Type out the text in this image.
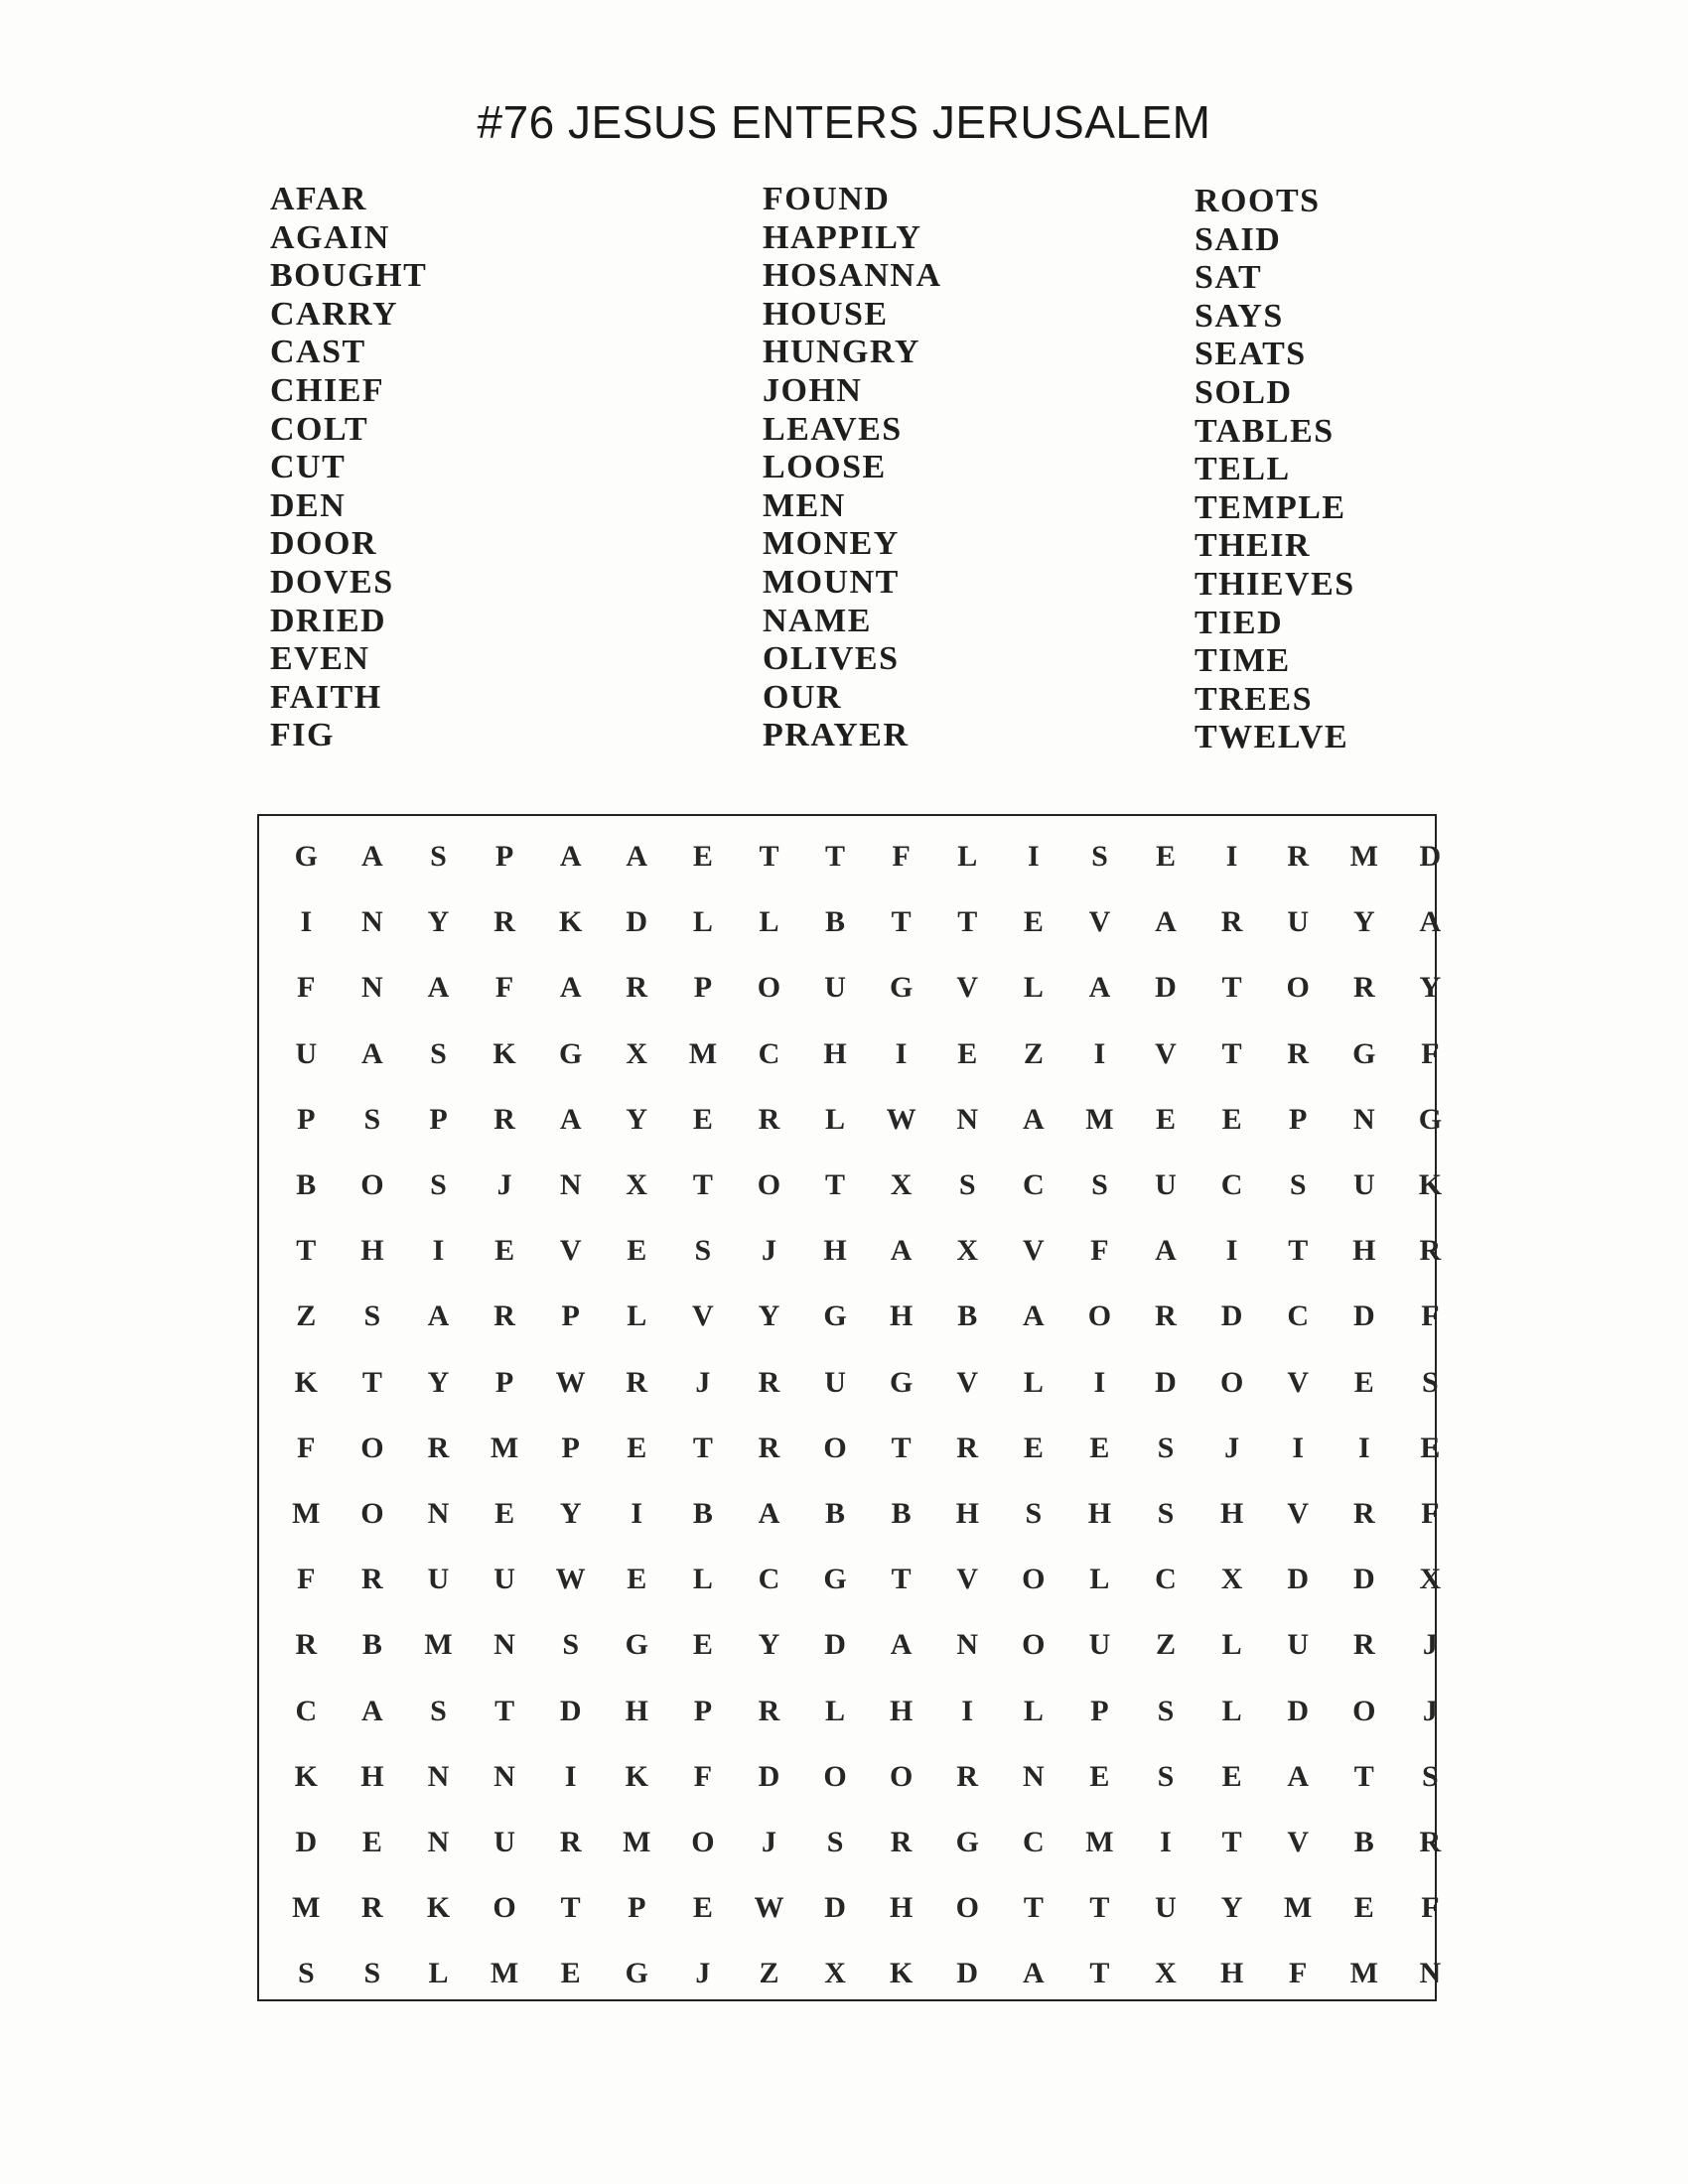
#76 JESUS ENTERS JERUSALEM
AFAR
AGAIN
BOUGHT
CARRY
CAST
CHIEF
COLT
CUT
DEN
DOOR
DOVES
DRIED
EVEN
FAITH
FIG
FOUND
HAPPILY
HOSANNA
HOUSE
HUNGRY
JOHN
LEAVES
LOOSE
MEN
MONEY
MOUNT
NAME
OLIVES
OUR
PRAYER
ROOTS
SAID
SAT
SAYS
SEATS
SOLD
TABLES
TELL
TEMPLE
THEIR
THIEVES
TIED
TIME
TREES
TWELVE
G	A	S	P	A	A	E	T	T	F	L	I	S	E	I	R	M	D
I	N	Y	R	K	D	L	L	B	T	T	E	V	A	R	U	Y	A
F	N	A	F	A	R	P	O	U	G	V	L	A	D	T	O	R	Y
U	A	S	K	G	X	M	C	H	I	E	Z	I	V	T	R	G	F
P	S	P	R	A	Y	E	R	L	W	N	A	M	E	E	P	N	G
B	O	S	J	N	X	T	O	T	X	S	C	S	U	C	S	U	K
T	H	I	E	V	E	S	J	H	A	X	V	F	A	I	T	H	R
Z	S	A	R	P	L	V	Y	G	H	B	A	O	R	D	C	D	F
K	T	Y	P	W	R	J	R	U	G	V	L	I	D	O	V	E	S
F	O	R	M	P	E	T	R	O	T	R	E	E	S	J	I	I	E
M	O	N	E	Y	I	B	A	B	B	H	S	H	S	H	V	R	F
F	R	U	U	W	E	L	C	G	T	V	O	L	C	X	D	D	X
R	B	M	N	S	G	E	Y	D	A	N	O	U	Z	L	U	R	J
C	A	S	T	D	H	P	R	L	H	I	L	P	S	L	D	O	J
K	H	N	N	I	K	F	D	O	O	R	N	E	S	E	A	T	S
D	E	N	U	R	M	O	J	S	R	G	C	M	I	T	V	B	R
M	R	K	O	T	P	E	W	D	H	O	T	T	U	Y	M	E	F
S	S	L	M	E	G	J	Z	X	K	D	A	T	X	H	F	M	N
